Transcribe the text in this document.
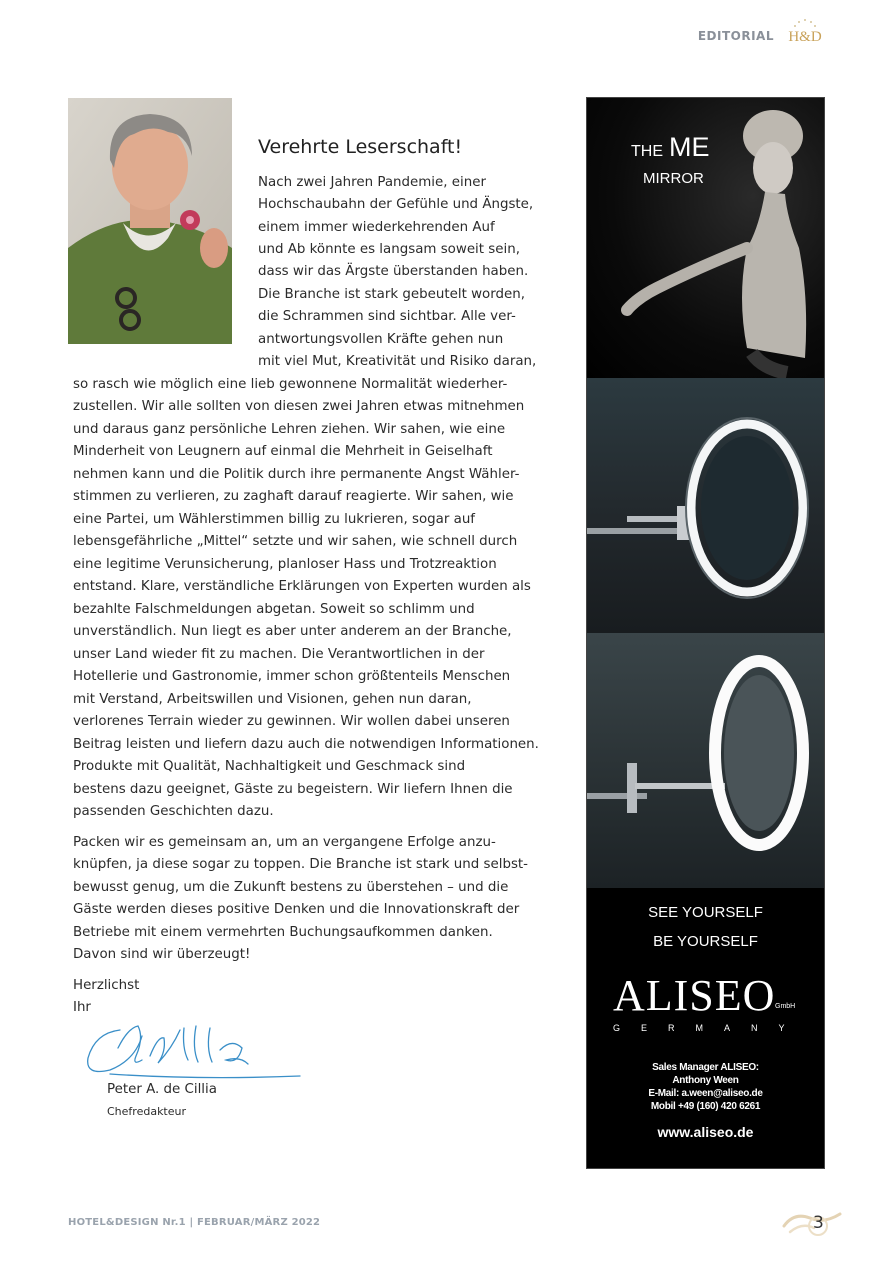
EDITORIAL H&D
Verehrte Leserschaft!
Nach zwei Jahren Pandemie, einer
Hochschaubahn der Gefühle und Ängste,
einem immer wiederkehrenden Auf
und Ab könnte es langsam soweit sein,
dass wir das Ärgste überstanden haben.
Die Branche ist stark gebeutelt worden,
die Schrammen sind sichtbar. Alle ver-
antwortungsvollen Kräfte gehen nun
mit viel Mut, Kreativität und Risiko daran,
so rasch wie möglich eine lieb gewonnene Normalität wiederher-
zustellen. Wir alle sollten von diesen zwei Jahren etwas mitnehmen
und daraus ganz persönliche Lehren ziehen. Wir sahen, wie eine
Minderheit von Leugnern auf einmal die Mehrheit in Geiselhaft
nehmen kann und die Politik durch ihre permanente Angst Wähler-
stimmen zu verlieren, zu zaghaft darauf reagierte. Wir sahen, wie
eine Partei, um Wählerstimmen billig zu lukrieren, sogar auf
lebensgefährliche „Mittel“ setzte und wir sahen, wie schnell durch
eine legitime Verunsicherung, planloser Hass und Trotzreaktion
entstand. Klare, verständliche Erklärungen von Experten wurden als
bezahlte Falschmeldungen abgetan. Soweit so schlimm und
unverständlich. Nun liegt es aber unter anderem an der Branche,
unser Land wieder fit zu machen. Die Verantwortlichen in der
Hotellerie und Gastronomie, immer schon größtenteils Menschen
mit Verstand, Arbeitswillen und Visionen, gehen nun daran,
verlorenes Terrain wieder zu gewinnen. Wir wollen dabei unseren
Beitrag leisten und liefern dazu auch die notwendigen Informationen.
Produkte mit Qualität, Nachhaltigkeit und Geschmack sind
bestens dazu geeignet, Gäste zu begeistern. Wir liefern Ihnen die
passenden Geschichten dazu.
Packen wir es gemeinsam an, um an vergangene Erfolge anzu-
knüpfen, ja diese sogar zu toppen. Die Branche ist stark und selbst-
bewusst genug, um die Zukunft bestens zu überstehen – und die
Gäste werden dieses positive Denken und die Innovationskraft der
Betriebe mit einem vermehrten Buchungsaufkommen danken.
Davon sind wir überzeugt!
Herzlichst
Ihr
Peter A. de Cillia
Chefredakteur
THE ME
MIRROR
SEE YOURSELF
BE YOURSELF
ALISEO GmbH
GERMANY
Sales Manager ALISEO:
Anthony Ween
E-Mail: a.ween@aliseo.de
Mobil +49 (160) 420 6261
www.aliseo.de
HOTEL&DESIGN Nr.1 | FEBRUAR/MÄRZ 2022	3
